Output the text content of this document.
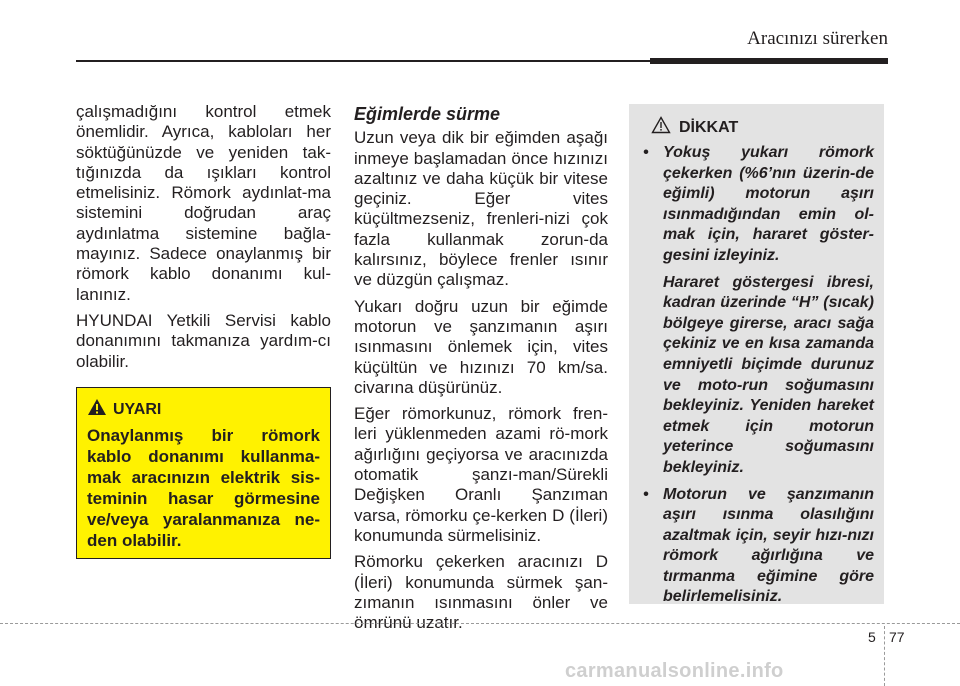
Aracınızı sürerken

çalışmadığını kontrol etmek önemlidir. Ayrıca, kabloları her söktüğünüzde ve yeniden tak-tığınızda da ışıkları kontrol etmelisiniz. Römork aydınlat-ma sistemini doğrudan araç aydınlatma sistemine bağla-mayınız. Sadece onaylanmış bir römork kablo donanımı kul-lanınız.

HYUNDAI Yetkili Servisi kablo donanımını takmanıza yardım-cı olabilir.

UYARI
Onaylanmış bir römork kablo donanımı kullanma-mak aracınızın elektrik sis-teminin hasar görmesine ve/veya yaralanmanıza ne-den olabilir.
Eğimlerde sürme

Uzun veya dik bir eğimden aşağı inmeye başlamadan önce hızınızı azaltınız ve daha küçük bir vitese geçiniz. Eğer vites küçültmezseniz, frenleri-nizi çok fazla kullanmak zorun-da kalırsınız, böylece frenler ısınır ve düzgün çalışmaz.

Yukarı doğru uzun bir eğimde motorun ve şanzımanın aşırı ısınmasını önlemek için, vites küçültün ve hızınızı 70 km/sa. civarına düşürünüz.

Eğer römorkunuz, römork fren-leri yüklenmeden azami rö-mork ağırlığını geçiyorsa ve aracınızda otomatik şanzı-man/Sürekli Değişken Oranlı Şanzıman varsa, römorku çe-kerken D (İleri) konumunda sürmelisiniz.

Römorku çekerken aracınızı D (İleri) konumunda sürmek şan-zımanın ısınmasını önler ve ömrünü uzatır.

DİKKAT
• Yokuş yukarı römork çekerken (%6’nın üzerin-de eğimli) motorun aşırı ısınmadığından emin ol-mak için, hararet göster-gesini izleyiniz.
Hararet göstergesi ibresi, kadran üzerinde “H” (sıcak) bölgeye girerse, aracı sağa çekiniz ve en kısa zamanda emniyetli biçimde durunuz ve moto-run soğumasını bekleyiniz. Yeniden hareket etmek için motorun yeterince soğumasını bekleyiniz.
• Motorun ve şanzımanın aşırı ısınma olasılığını azaltmak için, seyir hızı-nızı römork ağırlığına ve tırmanma eğimine göre belirlemelisiniz.
5 77
carmanualsonline.info
